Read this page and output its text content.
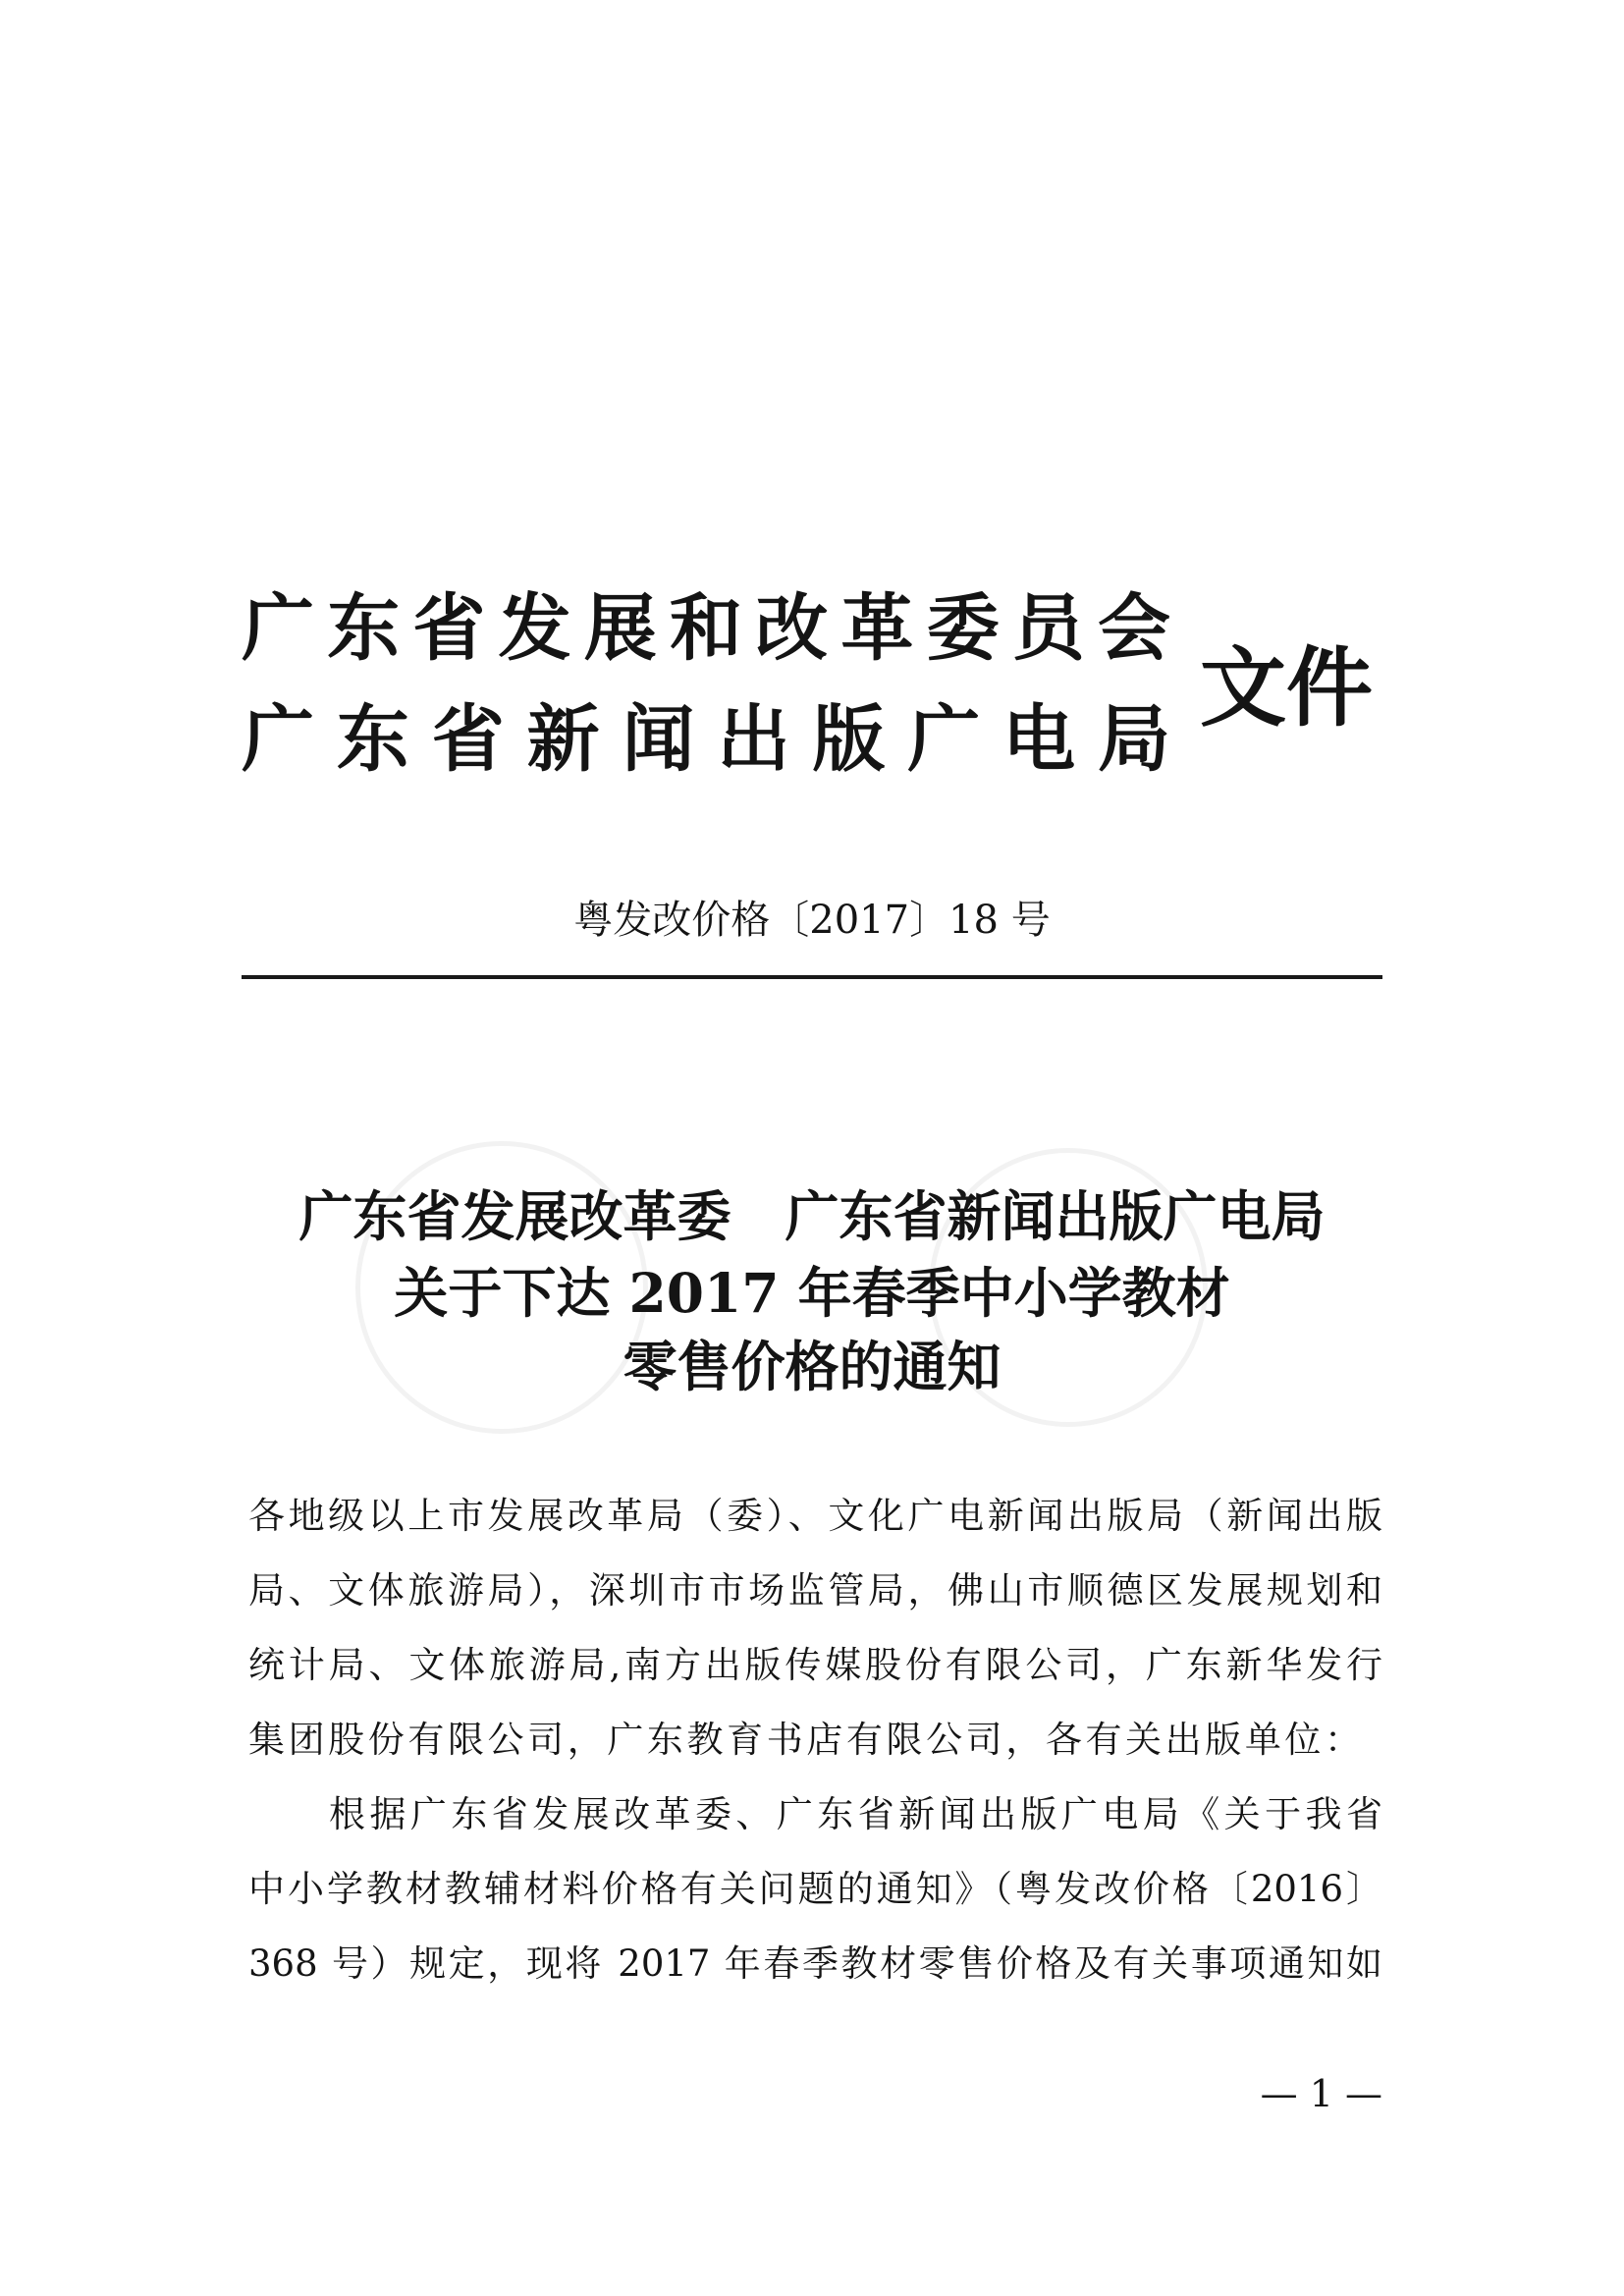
广东省发展和改革委员会
广东省新闻出版广电局
文件
粤发改价格〔2017〕18 号
广东省发展改革委　广东省新闻出版广电局
关于下达 2017 年春季中小学教材
零售价格的通知
各地级以上市发展改革局（委）、文化广电新闻出版局（新闻出版
局、文体旅游局），深圳市市场监管局，佛山市顺德区发展规划和
统计局、文体旅游局,南方出版传媒股份有限公司，广东新华发行
集团股份有限公司，广东教育书店有限公司，各有关出版单位：
根据广东省发展改革委、广东省新闻出版广电局《关于我省
中小学教材教辅材料价格有关问题的通知》（粤发改价格〔2016〕
368 号）规定，现将 2017 年春季教材零售价格及有关事项通知如
— 1 —
